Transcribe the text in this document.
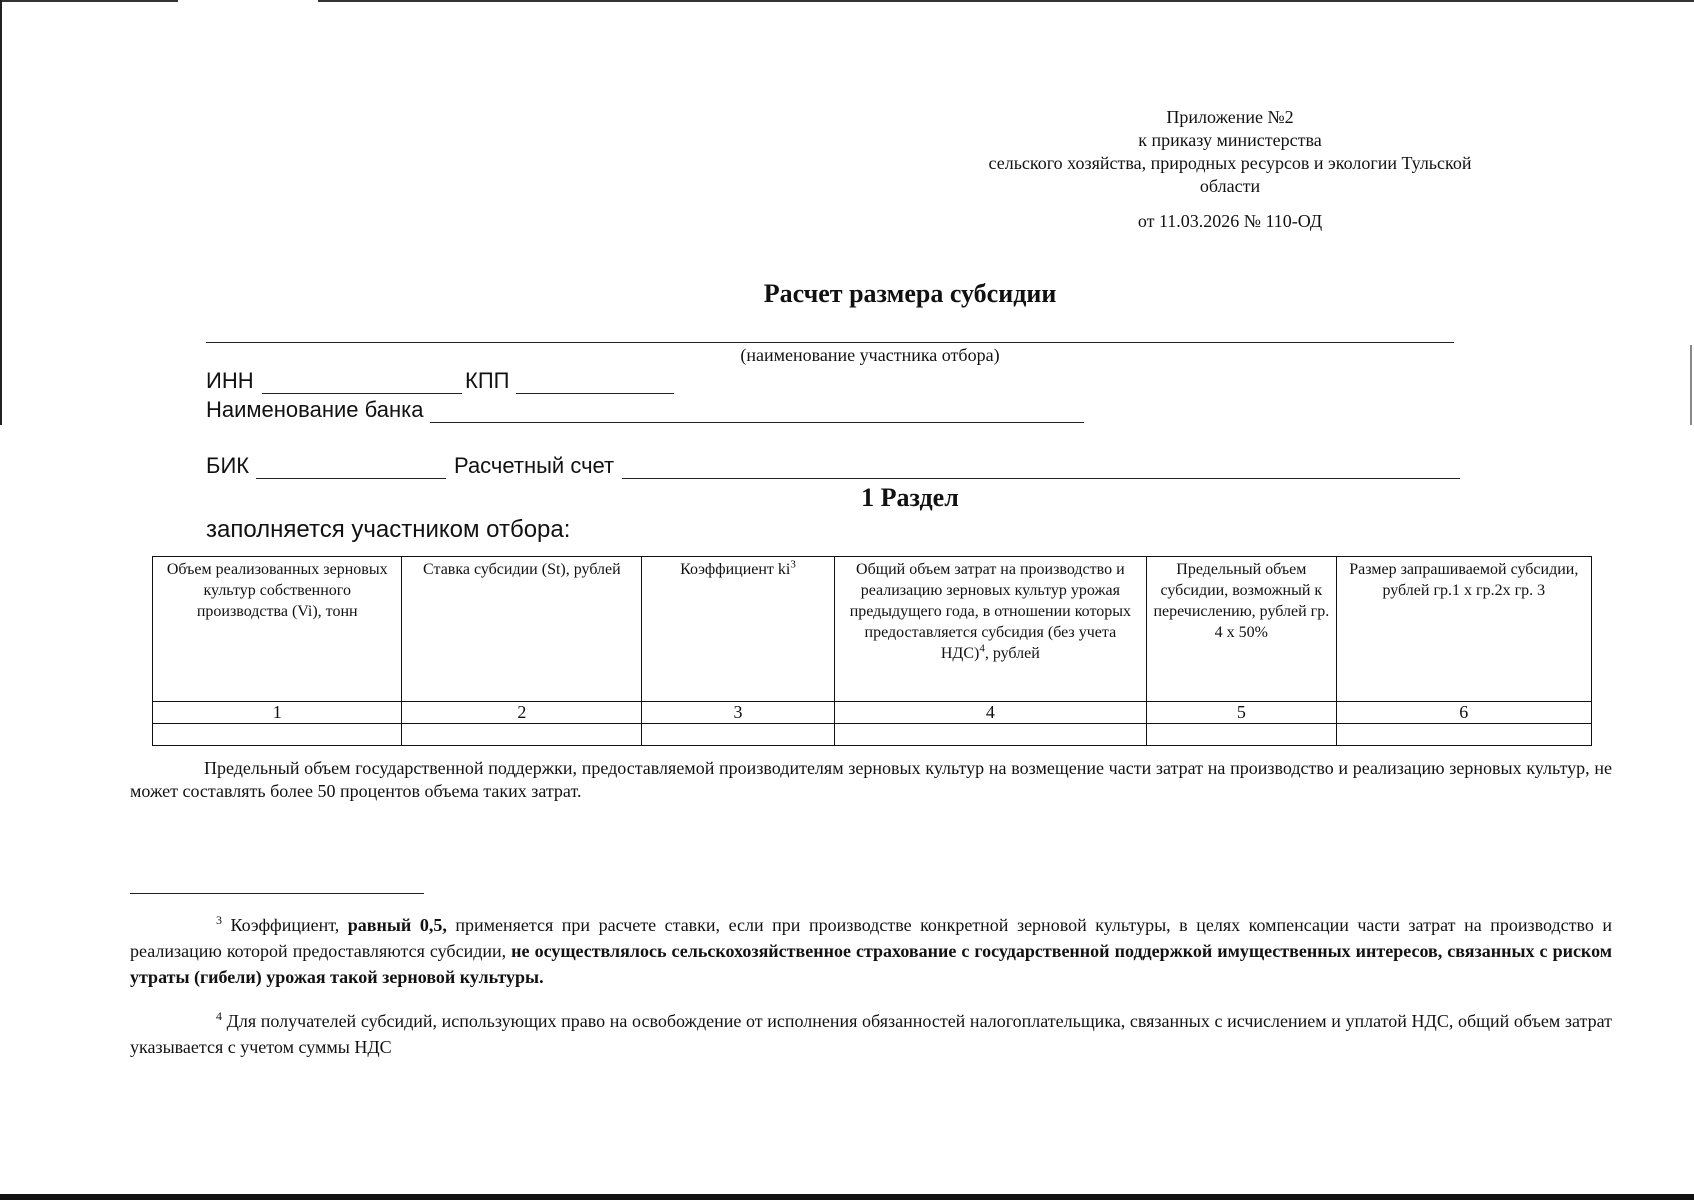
Приложение №2
к приказу министерства
сельского хозяйства, природных ресурсов и экологии Тульской
области
от 11.03.2026 № 110-ОД
Расчет размера субсидии
(наименование участника отбора)
ИНН	КПП
Наименование банка
БИК	Расчетный счет
1 Раздел
заполняется участником отбора:
Объем реализованных зерновых культур собственного производства (Vi), тонн	Ставка субсидии (St), рублей	Коэффициент $ki^3$	Общий объем затрат на производство и реализацию зерновых культур урожая предыдущего года, в отношении которых предоставляется субсидия (без учета НДС)$^4$, рублей	Предельный объем субсидии, возможный к перечислению, рублей гр. 4 х 50%	Размер запрашиваемой субсидии, рублей гр.1 х гр.2х гр. 3
1	2	3	4	5	6

Предельный объем государственной поддержки, предоставляемой производителям зерновых культур на возмещение части затрат на производство и реализацию зерновых культур, не может составлять более 50 процентов объема таких затрат.
$^3$ Коэффициент, равный 0,5, применяется при расчете ставки, если при производстве конкретной зерновой культуры, в целях компенсации части затрат на производство и реализацию которой предоставляются субсидии, не осуществлялось сельскохозяйственное страхование с государственной поддержкой имущественных интересов, связанных с риском утраты (гибели) урожая такой зерновой культуры.
$^4$ Для получателей субсидий, использующих право на освобождение от исполнения обязанностей налогоплательщика, связанных с исчислением и уплатой НДС, общий объем затрат указывается с учетом суммы НДС
